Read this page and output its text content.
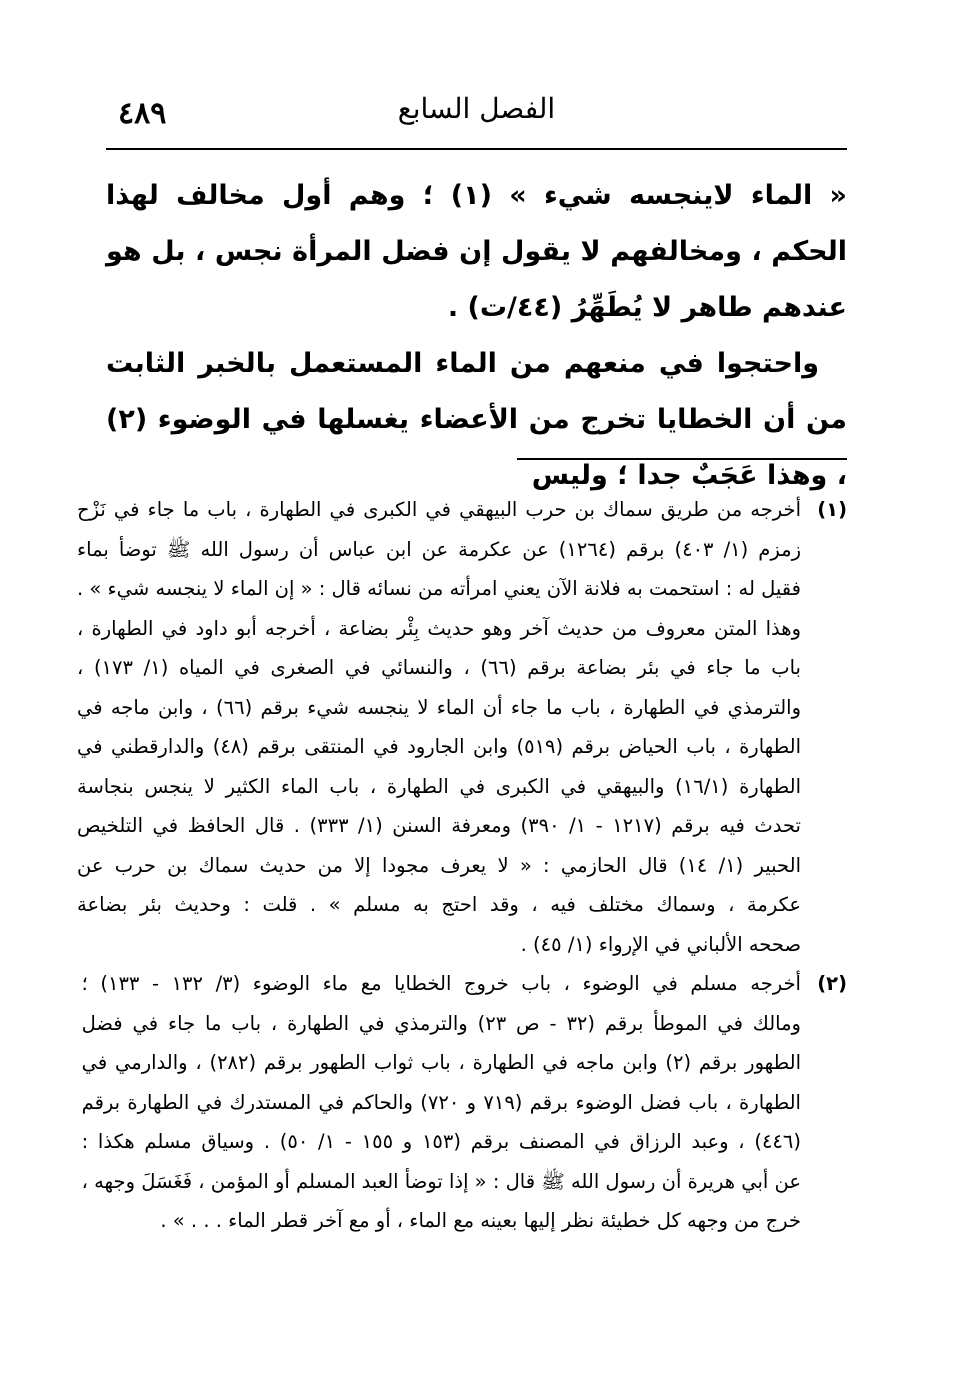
٤٨٩	الفصل السابع

« الماء لاينجسه شيء » (١) ؛ وهم أول مخالف لهذا الحكم ، ومخالفهم لا يقول إن فضل المرأة نجس ، بل هو عندهم طاهر لا يُطَهِّرُ (٤٤/ت) .

واحتجوا في منعهم من الماء المستعمل بالخبر الثابت من أن الخطايا تخرج من الأعضاء يغسلها في الوضوء (٢) ، وهذا عَجَبٌ جدا ؛ وليس

(١)
أخرجه من طريق سماك بن حرب البيهقي في الكبرى في الطهارة ، باب ما جاء في نَزْح
زمزم (١/ ٤٠٣) برقم (١٢٦٤) عن عكرمة عن ابن عباس أن رسول الله ﷺ توضأ بماء
فقيل له : استحمت به فلانة الآن يعني امرأته من نسائه قال : « إن الماء لا ينجسه شيء » .
وهذا المتن معروف من حديث آخر وهو حديث بِئْر بضاعة ، أخرجه أبو داود في الطهارة ،
باب ما جاء في بئر بضاعة برقم (٦٦) ، والنسائي في الصغرى في المياه (١/ ١٧٣) ،
والترمذي في الطهارة ، باب ما جاء أن الماء لا ينجسه شيء برقم (٦٦) ، وابن ماجه في
الطهارة ، باب الحياض برقم (٥١٩) وابن الجارود في المنتقى برقم (٤٨) والدارقطني في
الطهارة (١٦/١) والبيهقي في الكبرى في الطهارة ، باب الماء الكثير لا ينجس بنجاسة
تحدث فيه برقم (١٢١٧ - ١/ ٣٩٠) ومعرفة السنن (١/ ٣٣٣) . قال الحافظ في التلخيص
الحبير (١/ ١٤) قال الحازمي : « لا يعرف مجودا إلا من حديث سماك بن حرب عن
عكرمة ، وسماك مختلف فيه ، وقد احتج به مسلم » . قلت : وحديث بئر بضاعة
صححه الألباني في الإرواء (١/ ٤٥) .
(٢)
أخرجه مسلم في الوضوء ، باب خروج الخطايا مع ماء الوضوء (٣/ ١٣٢ - ١٣٣) ؛
ومالك في الموطأ برقم (٣٢ - ص ٢٣) والترمذي في الطهارة ، باب ما جاء في فضل
الطهور برقم (٢) وابن ماجه في الطهارة ، باب ثواب الطهور برقم (٢٨٢) ، والدارمي في
الطهارة ، باب فضل الوضوء برقم (٧١٩ و ٧٢٠) والحاكم في المستدرك في الطهارة برقم
(٤٤٦) ، وعبد الرزاق في المصنف برقم (١٥٣ و ١٥٥ - ١/ ٥٠) . وسياق مسلم هكذا :
عن أبي هريرة أن رسول الله ﷺ قال : « إذا توضأ العبد المسلم أو المؤمن ، فَغَسَلَ وجهه ،
خرج من وجهه كل خطيئة نظر إليها بعينه مع الماء ، أو مع آخر قطر الماء . . . » .
